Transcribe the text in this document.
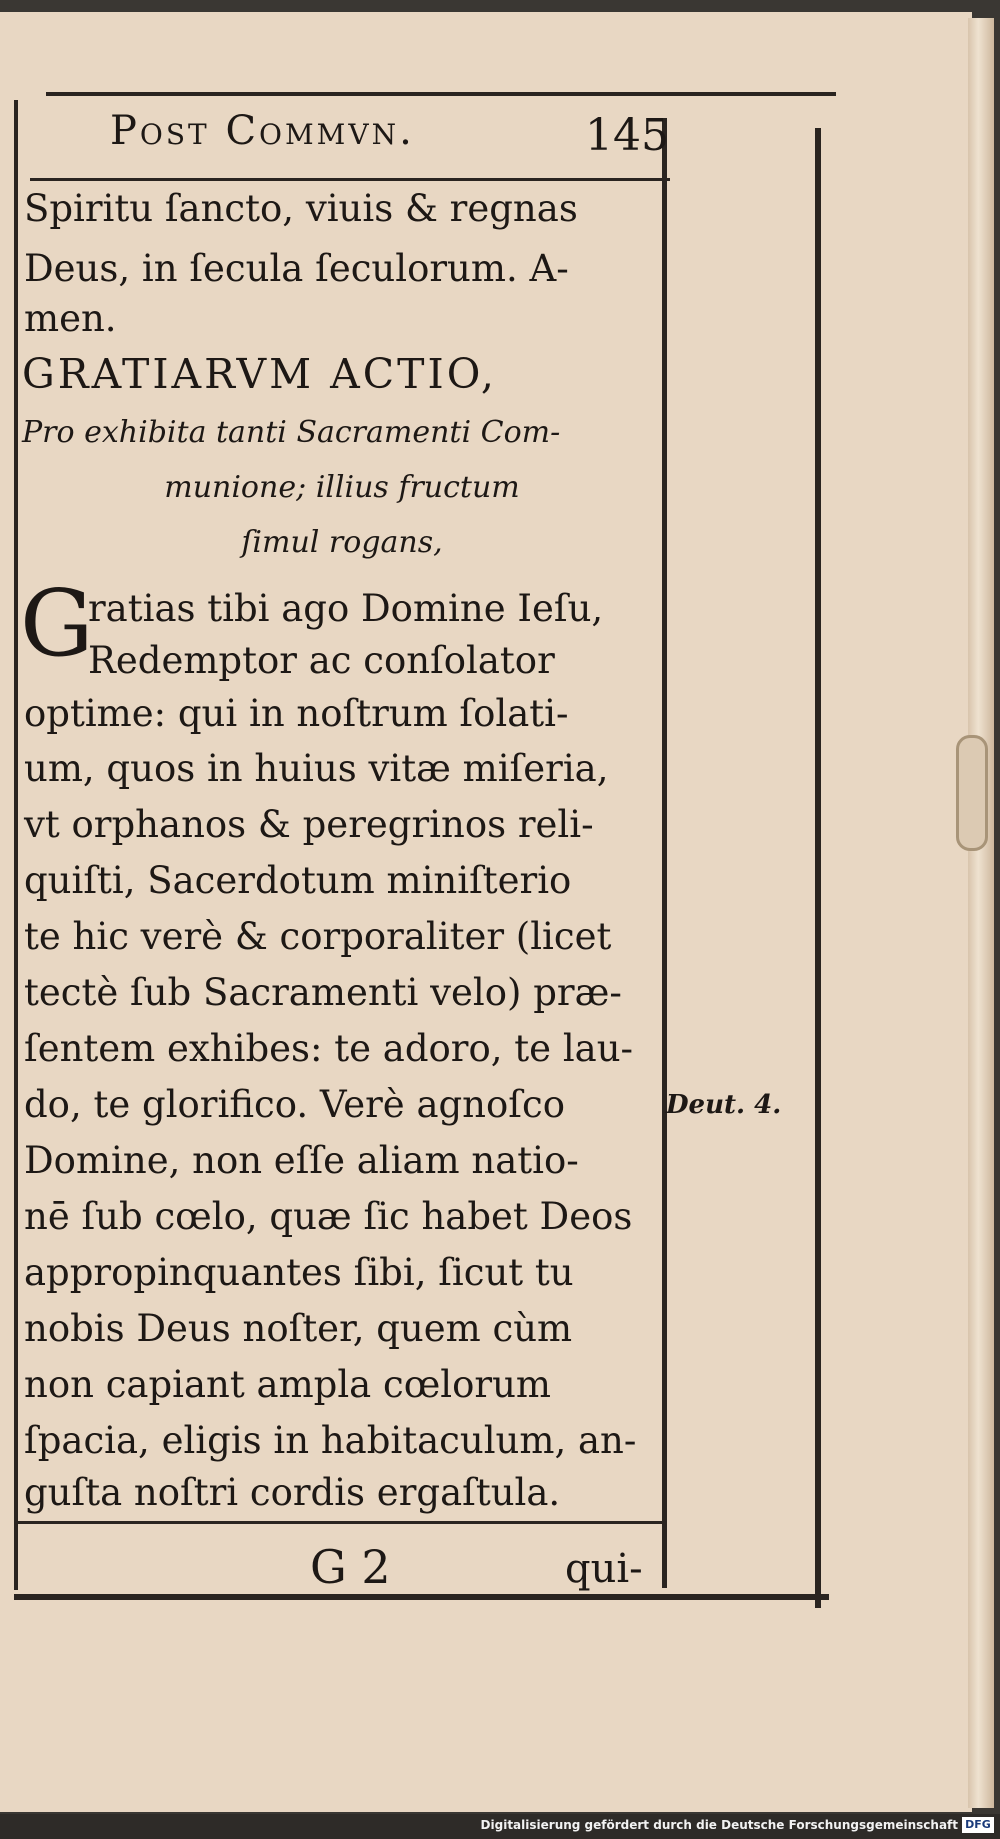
Post Commvn.	145
Spiritu ſancto, viuis & regnas
Deus, in ſecula ſeculorum. A-
men.
GRATIARVM ACTIO,
Pro exhibita tanti Sacramenti Com-
munione; illius fructum
ſimul rogans,
G
ratias tibi ago Domine Ieſu,
Redemptor ac conſolator
optime: qui in noſtrum ſolati-
um, quos in huius vitæ miſeria,
vt orphanos & peregrinos reli-
quiſti, Sacerdotum miniſterio
te hic verè & corporaliter (licet
tectè ſub Sacramenti velo) præ-
ſentem exhibes: te adoro, te lau-
do, te glorifico. Verè agnoſco
Domine, non eſſe aliam natio-
nē ſub cœlo, quæ ſic habet Deos
appropinquantes ſibi, ſicut tu
nobis Deus noſter, quem cùm
non capiant ampla cœlorum
ſpacia, eligis in habitaculum, an-
guſta noſtri cordis ergaſtula.
Deut. 4.
G 2	qui-
Digitalisierung gefördert durch die Deutsche Forschungsgemeinschaft DFG
